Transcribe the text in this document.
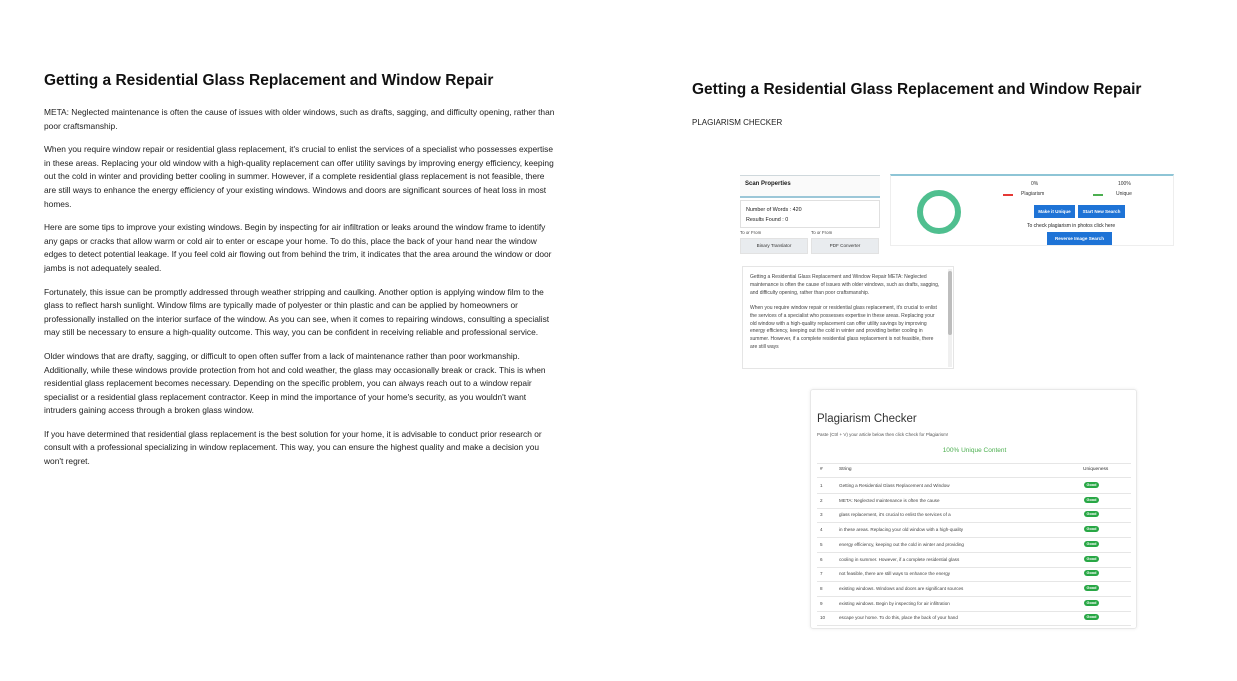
Getting a Residential Glass Replacement and Window Repair

META: Neglected maintenance is often the cause of issues with older windows, such as drafts, sagging, and difficulty opening, rather than poor craftsmanship.

When you require window repair or residential glass replacement, it's crucial to enlist the services of a specialist who possesses expertise in these areas. Replacing your old window with a high-quality replacement can offer utility savings by improving energy efficiency, keeping out the cold in winter and providing better cooling in summer. However, if a complete residential glass replacement is not feasible, there are still ways to enhance the energy efficiency of your existing windows. Windows and doors are significant sources of heat loss in most homes.

Here are some tips to improve your existing windows. Begin by inspecting for air infiltration or leaks around the window frame to identify any gaps or cracks that allow warm or cold air to enter or escape your home. To do this, place the back of your hand near the window edges to detect potential leakage. If you feel cold air flowing out from behind the trim, it indicates that the area around the window or door jambs is not adequately sealed.

Fortunately, this issue can be promptly addressed through weather stripping and caulking. Another option is applying window film to the glass to reflect harsh sunlight. Window films are typically made of polyester or thin plastic and can be applied by homeowners or professionally installed on the interior surface of the window. As you can see, when it comes to repairing windows, consulting a specialist may still be necessary to ensure a high-quality outcome. This way, you can be confident in receiving reliable and professional service.

Older windows that are drafty, sagging, or difficult to open often suffer from a lack of maintenance rather than poor workmanship. Additionally, while these windows provide protection from hot and cold weather, the glass may occasionally break or crack. This is when residential glass replacement becomes necessary. Depending on the specific problem, you can always reach out to a window repair specialist or a residential glass replacement contractor. Keep in mind the importance of your home's security, as you wouldn't want intruders gaining access through a broken glass window.

If you have determined that residential glass replacement is the best solution for your home, it is advisable to conduct prior research or consult with a professional specializing in window replacement. This way, you can ensure the highest quality and make a decision you won't regret.

Getting a Residential Glass Replacement and Window Repair
PLAGIARISM CHECKER
Scan Properties
Number of Words : 420
Results Found : 0
To or From	To or From
Binary Translator	PDF Converter
0%	100%
Plagiarism	Unique
Make it Unique	Start New Search
To check plagiarism in photos click here
Reverse Image Search

Getting a Residential Glass Replacement and Window Repair META: Neglected maintenance is often the cause of issues with older windows, such as drafts, sagging, and difficulty opening, rather than poor craftsmanship.

When you require window repair or residential glass replacement, it's crucial to enlist the services of a specialist who possesses expertise in these areas. Replacing your old window with a high-quality replacement can offer utility savings by improving energy efficiency, keeping out the cold in winter and providing better cooling in summer. However, if a complete residential glass replacement is not feasible, there are still ways

Plagiarism Checker
Paste (Ctrl + V) your article below then click Check for Plagiarism!
100% Unique Content
#	String	Uniqueness
1	Getting a Residential Glass Replacement and Window	Good
2	META: Neglected maintenance is often the cause	Good
3	glass replacement, it's crucial to enlist the services of a	Good
4	in these areas. Replacing your old window with a high-quality	Good
5	energy efficiency, keeping out the cold in winter and providing	Good
6	cooling in summer. However, if a complete residential glass	Good
7	not feasible, there are still ways to enhance the energy	Good
8	existing windows. Windows and doors are significant sources	Good
9	existing windows. Begin by inspecting for air infiltration	Good
10	escape your home. To do this, place the back of your hand	Good
